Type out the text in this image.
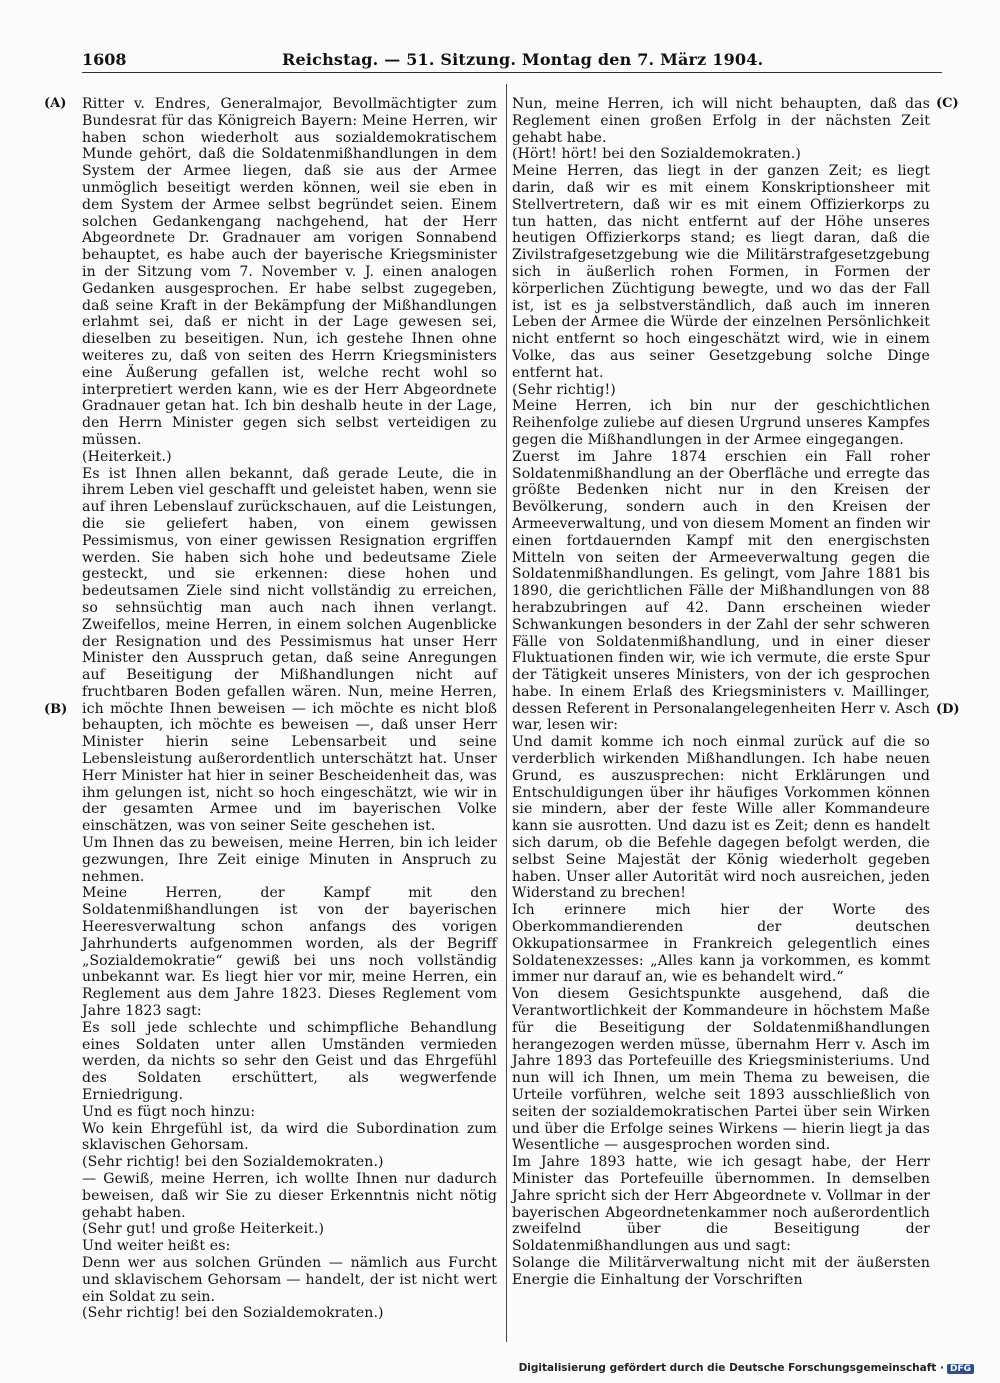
1608	Reichstag. — 51. Sitzung. Montag den 7. März 1904.
(A)
(B)
(C)
(D)
Ritter v. Endres, Generalmajor, Bevollmächtigter zum Bundesrat für das Königreich Bayern: Meine Herren, wir haben schon wiederholt aus sozialdemokratischem Munde gehört, daß die Soldatenmißhandlungen in dem System der Armee liegen, daß sie aus der Armee unmöglich beseitigt werden können, weil sie eben in dem System der Armee selbst begründet seien. Einem solchen Gedankengang nachgehend, hat der Herr Abgeordnete Dr. Gradnauer am vorigen Sonnabend behauptet, es habe auch der bayerische Kriegsminister in der Sitzung vom 7. November v. J. einen analogen Gedanken ausgesprochen. Er habe selbst zugegeben, daß seine Kraft in der Bekämpfung der Mißhandlungen erlahmt sei, daß er nicht in der Lage gewesen sei, dieselben zu beseitigen. Nun, ich gestehe Ihnen ohne weiteres zu, daß von seiten des Herrn Kriegsministers eine Äußerung gefallen ist, welche recht wohl so interpretiert werden kann, wie es der Herr Abgeordnete Gradnauer getan hat. Ich bin deshalb heute in der Lage, den Herrn Minister gegen sich selbst verteidigen zu müssen.
(Heiterkeit.)
Es ist Ihnen allen bekannt, daß gerade Leute, die in ihrem Leben viel geschafft und geleistet haben, wenn sie auf ihren Lebenslauf zurückschauen, auf die Leistungen, die sie geliefert haben, von einem gewissen Pessimismus, von einer gewissen Resignation ergriffen werden. Sie haben sich hohe und bedeutsame Ziele gesteckt, und sie erkennen: diese hohen und bedeutsamen Ziele sind nicht vollständig zu erreichen, so sehnsüchtig man auch nach ihnen verlangt. Zweifellos, meine Herren, in einem solchen Augenblicke der Resignation und des Pessimismus hat unser Herr Minister den Ausspruch getan, daß seine Anregungen auf Beseitigung der Mißhandlungen nicht auf fruchtbaren Boden gefallen wären. Nun, meine Herren, ich möchte Ihnen beweisen — ich möchte es nicht bloß behaupten, ich möchte es beweisen —, daß unser Herr Minister hierin seine Lebensarbeit und seine Lebensleistung außerordentlich unterschätzt hat. Unser Herr Minister hat hier in seiner Bescheidenheit das, was ihm gelungen ist, nicht so hoch eingeschätzt, wie wir in der gesamten Armee und im bayerischen Volke einschätzen, was von seiner Seite geschehen ist.
Um Ihnen das zu beweisen, meine Herren, bin ich leider gezwungen, Ihre Zeit einige Minuten in Anspruch zu nehmen.
Meine Herren, der Kampf mit den Soldatenmißhandlungen ist von der bayerischen Heeresverwaltung schon anfangs des vorigen Jahrhunderts aufgenommen worden, als der Begriff „Sozialdemokratie“ gewiß bei uns noch vollständig unbekannt war. Es liegt hier vor mir, meine Herren, ein Reglement aus dem Jahre 1823. Dieses Reglement vom Jahre 1823 sagt:
Es soll jede schlechte und schimpfliche Behandlung eines Soldaten unter allen Umständen vermieden werden, da nichts so sehr den Geist und das Ehrgefühl des Soldaten erschüttert, als wegwerfende Erniedrigung.
Und es fügt noch hinzu:
Wo kein Ehrgefühl ist, da wird die Subordination zum sklavischen Gehorsam.
(Sehr richtig! bei den Sozialdemokraten.)
— Gewiß, meine Herren, ich wollte Ihnen nur dadurch beweisen, daß wir Sie zu dieser Erkenntnis nicht nötig gehabt haben.
(Sehr gut! und große Heiterkeit.)
Und weiter heißt es:
Denn wer aus solchen Gründen — nämlich aus Furcht und sklavischem Gehorsam — handelt, der ist nicht wert ein Soldat zu sein.
(Sehr richtig! bei den Sozialdemokraten.)
Nun, meine Herren, ich will nicht behaupten, daß das Reglement einen großen Erfolg in der nächsten Zeit gehabt habe.
(Hört! hört! bei den Sozialdemokraten.)
Meine Herren, das liegt in der ganzen Zeit; es liegt darin, daß wir es mit einem Konskriptionsheer mit Stellvertretern, daß wir es mit einem Offizierkorps zu tun hatten, das nicht entfernt auf der Höhe unseres heutigen Offizierkorps stand; es liegt daran, daß die Zivilstrafgesetzgebung wie die Militärstrafgesetzgebung sich in äußerlich rohen Formen, in Formen der körperlichen Züchtigung bewegte, und wo das der Fall ist, ist es ja selbstverständlich, daß auch im inneren Leben der Armee die Würde der einzelnen Persönlichkeit nicht entfernt so hoch eingeschätzt wird, wie in einem Volke, das aus seiner Gesetzgebung solche Dinge entfernt hat.
(Sehr richtig!)
Meine Herren, ich bin nur der geschichtlichen Reihenfolge zuliebe auf diesen Urgrund unseres Kampfes gegen die Mißhandlungen in der Armee eingegangen.
Zuerst im Jahre 1874 erschien ein Fall roher Soldatenmißhandlung an der Oberfläche und erregte das größte Bedenken nicht nur in den Kreisen der Bevölkerung, sondern auch in den Kreisen der Armeeverwaltung, und von diesem Moment an finden wir einen fortdauernden Kampf mit den energischsten Mitteln von seiten der Armeeverwaltung gegen die Soldatenmißhandlungen. Es gelingt, vom Jahre 1881 bis 1890, die gerichtlichen Fälle der Mißhandlungen von 88 herabzubringen auf 42. Dann erscheinen wieder Schwankungen besonders in der Zahl der sehr schweren Fälle von Soldatenmißhandlung, und in einer dieser Fluktuationen finden wir, wie ich vermute, die erste Spur der Tätigkeit unseres Ministers, von der ich gesprochen habe. In einem Erlaß des Kriegsministers v. Maillinger, dessen Referent in Personalangelegenheiten Herr v. Asch war, lesen wir:
Und damit komme ich noch einmal zurück auf die so verderblich wirkenden Mißhandlungen. Ich habe neuen Grund, es auszusprechen: nicht Erklärungen und Entschuldigungen über ihr häufiges Vorkommen können sie mindern, aber der feste Wille aller Kommandeure kann sie ausrotten. Und dazu ist es Zeit; denn es handelt sich darum, ob die Befehle dagegen befolgt werden, die selbst Seine Majestät der König wiederholt gegeben haben. Unser aller Autorität wird noch ausreichen, jeden Widerstand zu brechen!
Ich erinnere mich hier der Worte des Oberkommandierenden der deutschen Okkupationsarmee in Frankreich gelegentlich eines Soldatenexzesses: „Alles kann ja vorkommen, es kommt immer nur darauf an, wie es behandelt wird.“
Von diesem Gesichtspunkte ausgehend, daß die Verantwortlichkeit der Kommandeure in höchstem Maße für die Beseitigung der Soldatenmißhandlungen herangezogen werden müsse, übernahm Herr v. Asch im Jahre 1893 das Portefeuille des Kriegsministeriums. Und nun will ich Ihnen, um mein Thema zu beweisen, die Urteile vorführen, welche seit 1893 ausschließlich von seiten der sozialdemokratischen Partei über sein Wirken und über die Erfolge seines Wirkens — hierin liegt ja das Wesentliche — ausgesprochen worden sind.
Im Jahre 1893 hatte, wie ich gesagt habe, der Herr Minister das Portefeuille übernommen. In demselben Jahre spricht sich der Herr Abgeordnete v. Vollmar in der bayerischen Abgeordnetenkammer noch außerordentlich zweifelnd über die Beseitigung der Soldatenmißhandlungen aus und sagt:
Solange die Militärverwaltung nicht mit der äußersten Energie die Einhaltung der Vorschriften
Digitalisierung gefördert durch die Deutsche Forschungsgemeinschaft · DFG
